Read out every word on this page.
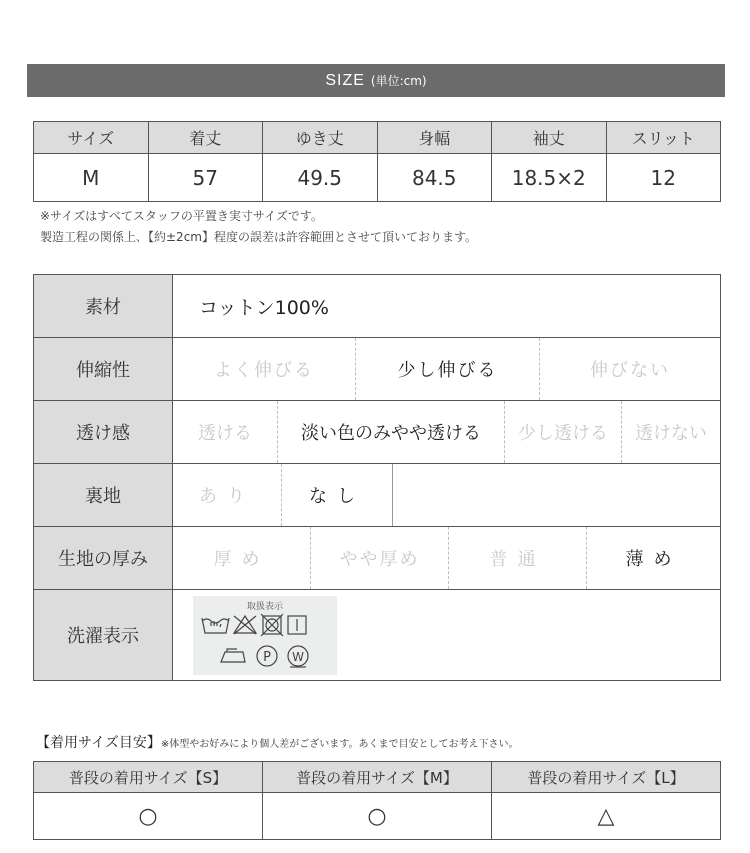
SIZE (単位:cm)
サイズ	着丈	ゆき丈	身幅	袖丈	スリット
M	57	49.5	84.5	18.5×2	12
※サイズはすべてスタッフの平置き実寸サイズです。
製造工程の関係上､【約±2cm】程度の誤差は許容範囲とさせて頂いております。
素材	コットン100%
伸縮性	よく伸びる	少し伸びる	伸びない
透け感	透ける	淡い色のみやや透ける	少し透ける	透けない
裏地	あり	なし
生地の厚み	厚め	やや厚め	普通	薄め
洗濯表示
取扱表示
P W
【着用サイズ目安】※体型やお好みにより個人差がございます。あくまで目安としてお考え下さい。
普段の着用サイズ【S】	普段の着用サイズ【M】	普段の着用サイズ【L】
○	○	△
